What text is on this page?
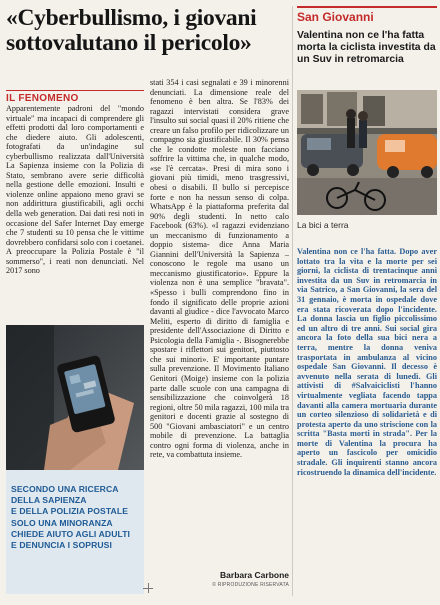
«Cyberbullismo, i giovani sottovalutano il pericolo»
IL FENOMENO

Apparentemente padroni del "mondo virtuale" ma incapaci di comprendere gli effetti prodotti dal loro comportamenti e che diedere aiuto. Gli adolescenti, fotografati da un'indagine sul cyberbullismo realizzata dall'Università La Sapienza insieme con la Polizia di Stato, sembrano avere serie difficoltà nella gestione delle emozioni. Insulti e violenze online appaiono meno gravi se non addirittura giustificabili, agli occhi della web generation. Dai dati resi noti in occasione del Safer Internet Day emerge che 7 studenti su 10 pensa che le vittime dovrebbero confidarsi solo con i coetanei. A preoccupare la Polizia Postale è "il sommerso", i reati non denunciati. Nel 2017 sono

stati 354 i casi segnalati e 39 i minorenni denunciati. La dimensione reale del fenomeno è ben altra. Se l'83% dei ragazzi intervistati considera grave l'insulto sui social quasi il 20% ritiene che creare un falso profilo per ridicolizzare un compagno sia giustificabile. Il 30% pensa che le condotte moleste non facciano soffrire la vittima che, in qualche modo, «se l'è cercata». Presi di mira sono i giovani più timidi, meno trasgressivi, obesi o disabili. Il bullo si percepisce forte e non ha nessun senso di colpa. WhatsApp è la piattaforma preferita dal 90% degli studenti. In netto calo Facebook (63%). «I ragazzi evidenziano un meccanismo di funzionamento a doppio sistema- dice Anna Maria Giannini dell'Università la Sapienza – conoscono le regole ma usano un meccanismo giustificatorio». Eppure la violenza non è una semplice "bravata". «Spesso i bulli comprendono fino in fondo il significato delle proprie azioni davanti al giudice - dice l'avvocato Marco Meliti, esperto di diritto di famiglia e presidente dell'Associazione di Diritto e Psicologia della Famiglia -. Bisognerebbe spostare i riflettori sui genitori, piuttosto che sui minori». E' importante puntare sulla prevenzione. Il Movimento Italiano Genitori (Moige) insieme con la polizia parte dalle scuole con una campagna di sensibilizzazione che coinvolgerà 18 regioni, oltre 50 mila ragazzi, 100 mila tra genitori e docenti grazie al sostegno di 500 "Giovani ambasciatori" e un centro mobile di prevenzione. La battaglia contro ogni forma di violenza, anche in rete, va combattuta insieme.

SECONDO UNA RICERCA
DELLA SAPIENZA
E DELLA POLIZIA POSTALE
SOLO UNA MINORANZA
CHIEDE AIUTO AGLI ADULTI
E DENUNCIA I SOPRUSI
Barbara Carbone
© RIPRODUZIONE RISERVATA
San Giovanni
Valentina non ce l'ha fatta morta la ciclista investita da un Suv in retromarcia
La bici a terra

Valentina non ce l'ha fatta. Dopo aver lottato tra la vita e la morte per sei giorni, la ciclista di trentacinque anni investita da un Suv in retromarcia in via Satrico, a San Giovanni, la sera del 31 gennaio, è morta in ospedale dove era stata ricoverata dopo l'incidente. La donna lascia un figlio piccolissimo ed un altro di tre anni. Sui social gira ancora la foto della sua bici nera a terra, mentre la donna veniva trasportata in ambulanza al vicino ospedale San Giovanni. Il decesso è avvenuto nella serata di lunedì. Gli attivisti di #Salvaiciclisti l'hanno virtualmente vegliata facendo tappa davanti alla camera mortuaria durante un corteo silenzioso di solidarietà e di protesta aperto da uno striscione con la scritta "Basta morti in strada". Per la morte di Valentina la procura ha aperto un fascicolo per omicidio stradale. Gli inquirenti stanno ancora ricostruendo la dinamica dell'incidente.
